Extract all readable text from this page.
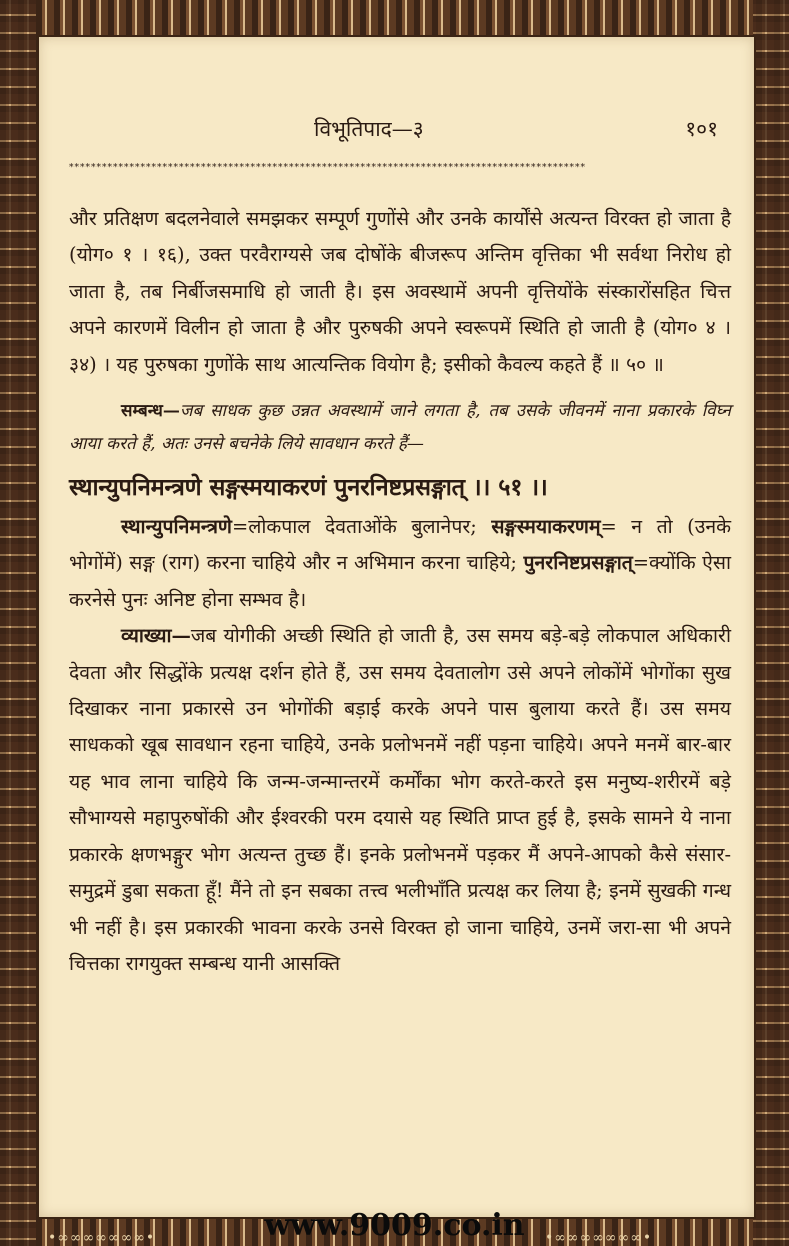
विभूतिपाद—३	१०१
**********************************************************************************************

और प्रतिक्षण बदलनेवाले समझकर सम्पूर्ण गुणोंसे और उनके कार्योंसे अत्यन्त विरक्त हो जाता है (योग० १ । १६), उक्त परवैराग्यसे जब दोषोंके बीजरूप अन्तिम वृत्तिका भी सर्वथा निरोध हो जाता है, तब निर्बीजसमाधि हो जाती है। इस अवस्थामें अपनी वृत्तियोंके संस्कारोंसहित चित्त अपने कारणमें विलीन हो जाता है और पुरुषकी अपने स्वरूपमें स्थिति हो जाती है (योग० ४ । ३४) । यह पुरुषका गुणोंके साथ आत्यन्तिक वियोग है; इसीको कैवल्य कहते हैं ॥ ५० ॥

सम्बन्ध—जब साधक कुछ उन्नत अवस्थामें जाने लगता है, तब उसके जीवनमें नाना प्रकारके विघ्न आया करते हैं, अतः उनसे बचनेके लिये सावधान करते हैं—

स्थान्युपनिमन्त्रणे सङ्गस्मयाकरणं पुनरनिष्टप्रसङ्गात् ।। ५१ ।।

स्थान्युपनिमन्त्रणे=लोकपाल देवताओंके बुलानेपर; सङ्गस्मयाकरणम्= न तो (उनके भोगोंमें) सङ्ग (राग) करना चाहिये और न अभिमान करना चाहिये; पुनरनिष्टप्रसङ्गात्=क्योंकि ऐसा करनेसे पुनः अनिष्ट होना सम्भव है।

व्याख्या—जब योगीकी अच्छी स्थिति हो जाती है, उस समय बड़े-बड़े लोकपाल अधिकारी देवता और सिद्धोंके प्रत्यक्ष दर्शन होते हैं, उस समय देवतालोग उसे अपने लोकोंमें भोगोंका सुख दिखाकर नाना प्रकारसे उन भोगोंकी बड़ाई करके अपने पास बुलाया करते हैं। उस समय साधकको खूब सावधान रहना चाहिये, उनके प्रलोभनमें नहीं पड़ना चाहिये। अपने मनमें बार-बार यह भाव लाना चाहिये कि जन्म-जन्मान्तरमें कर्मोंका भोग करते-करते इस मनुष्य-शरीरमें बड़े सौभाग्यसे महापुरुषोंकी और ईश्वरकी परम दयासे यह स्थिति प्राप्त हुई है, इसके सामने ये नाना प्रकारके क्षणभङ्गुर भोग अत्यन्त तुच्छ हैं। इनके प्रलोभनमें पड़कर मैं अपने-आपको कैसे संसार-समुद्रमें डुबा सकता हूँ! मैंने तो इन सबका तत्त्व भलीभाँति प्रत्यक्ष कर लिया है; इनमें सुखकी गन्ध भी नहीं है। इस प्रकारकी भावना करके उनसे विरक्त हो जाना चाहिये, उनमें जरा-सा भी अपने चित्तका रागयुक्त सम्बन्ध यानी आसक्ति

•∞∞∞∞∞∞∞•	www.9009.co.in	•∞∞∞∞∞∞∞•
